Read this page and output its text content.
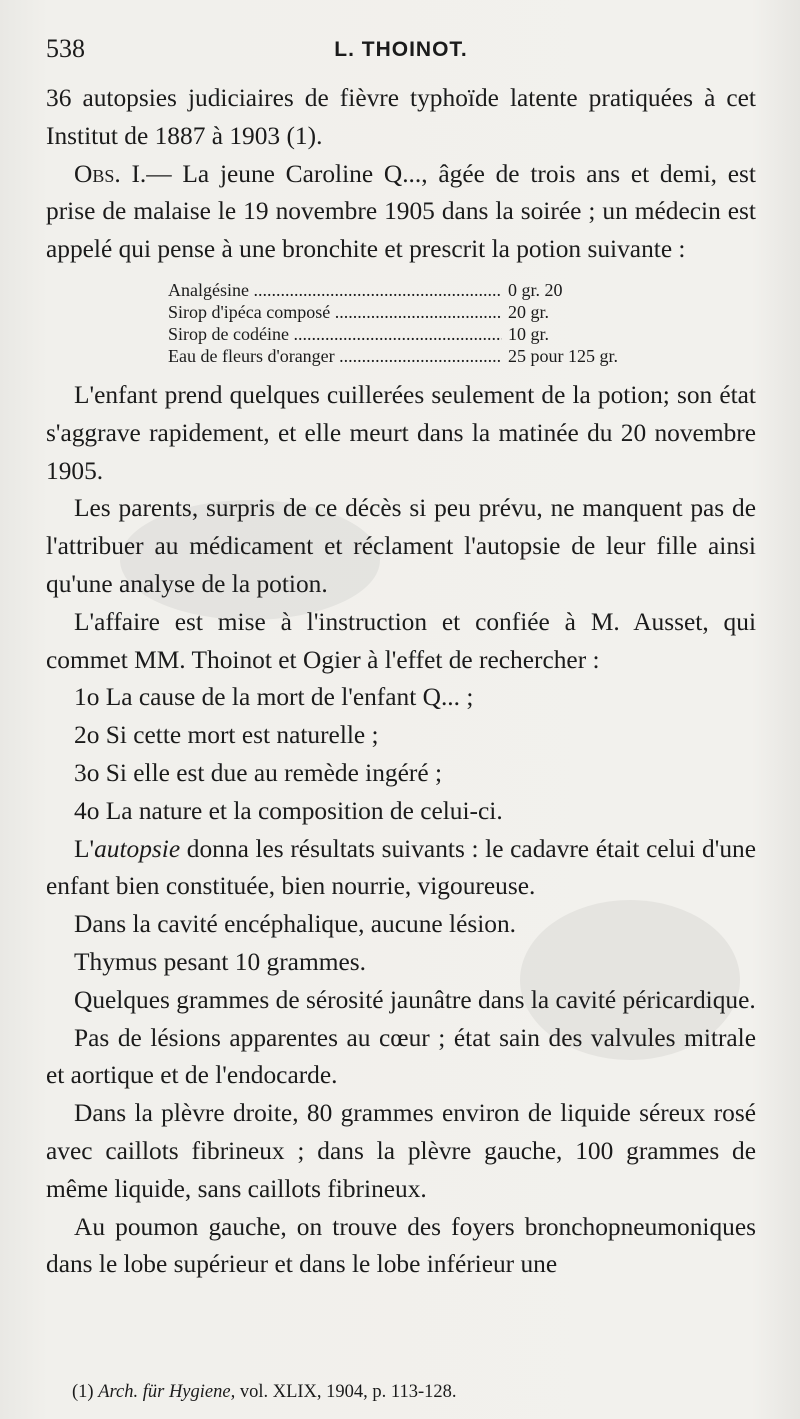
538	L. THOINOT.

36 autopsies judiciaires de fièvre typhoïde latente pratiquées à cet Institut de 1887 à 1903 (1).

Obs. I.— La jeune Caroline Q..., âgée de trois ans et demi, est prise de malaise le 19 novembre 1905 dans la soirée ; un médecin est appelé qui pense à une bronchite et prescrit la potion suivante :

Analgésine .....	0 gr. 20
Sirop d'ipéca composé .....	20 gr.
Sirop de codéine .....	10 gr.
Eau de fleurs d'oranger .....	25 pour 125 gr.

L'enfant prend quelques cuillerées seulement de la potion; son état s'aggrave rapidement, et elle meurt dans la matinée du 20 novembre 1905.

Les parents, surpris de ce décès si peu prévu, ne manquent pas de l'attribuer au médicament et réclament l'autopsie de leur fille ainsi qu'une analyse de la potion.

L'affaire est mise à l'instruction et confiée à M. Ausset, qui commet MM. Thoinot et Ogier à l'effet de rechercher :

1o La cause de la mort de l'enfant Q... ;

2o Si cette mort est naturelle ;

3o Si elle est due au remède ingéré ;

4o La nature et la composition de celui-ci.

L'autopsie donna les résultats suivants : le cadavre était celui d'une enfant bien constituée, bien nourrie, vigoureuse.

Dans la cavité encéphalique, aucune lésion.

Thymus pesant 10 grammes.

Quelques grammes de sérosité jaunâtre dans la cavité péricardique.

Pas de lésions apparentes au cœur ; état sain des valvules mitrale et aortique et de l'endocarde.

Dans la plèvre droite, 80 grammes environ de liquide séreux rosé avec caillots fibrineux ; dans la plèvre gauche, 100 grammes de même liquide, sans caillots fibrineux.

Au poumon gauche, on trouve des foyers bronchopneumoniques dans le lobe supérieur et dans le lobe inférieur une

(1) Arch. für Hygiene, vol. XLIX, 1904, p. 113-128.
